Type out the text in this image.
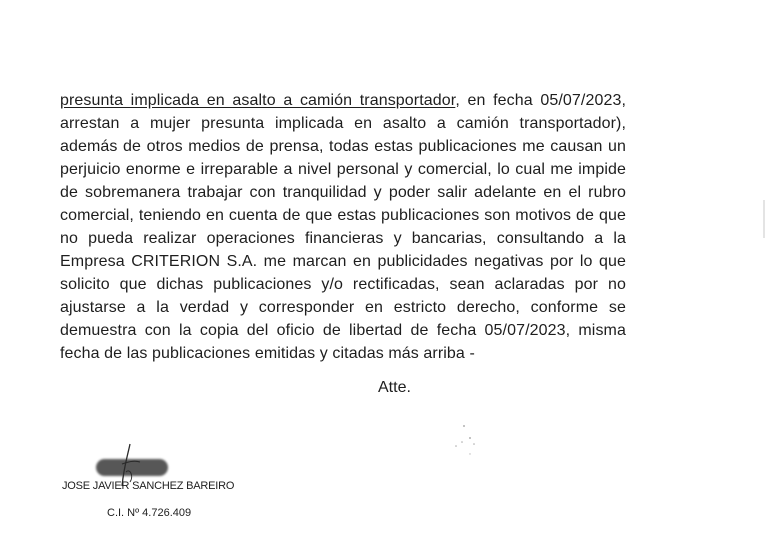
presunta implicada en asalto a camión transportador, en fecha 05/07/2023,
arrestan a mujer presunta implicada en asalto a camión transportador),
además de otros medios de prensa, todas estas publicaciones me causan un
perjuicio enorme e irreparable a nivel personal y comercial, lo cual me impide
de sobremanera trabajar con tranquilidad y poder salir adelante en el rubro
comercial, teniendo en cuenta de que estas publicaciones son motivos de que
no pueda realizar operaciones financieras y bancarias, consultando a la
Empresa CRITERION S.A. me marcan en publicidades negativas por lo que
solicito que dichas publicaciones y/o rectificadas, sean aclaradas por no
ajustarse a la verdad y corresponder en estricto derecho, conforme se
demuestra con la copia del oficio de libertad de fecha 05/07/2023, misma
fecha de las publicaciones emitidas y citadas más arriba -
Atte.
JOSE JAVIER SANCHEZ BAREIRO
C.I. Nº 4.726.409
